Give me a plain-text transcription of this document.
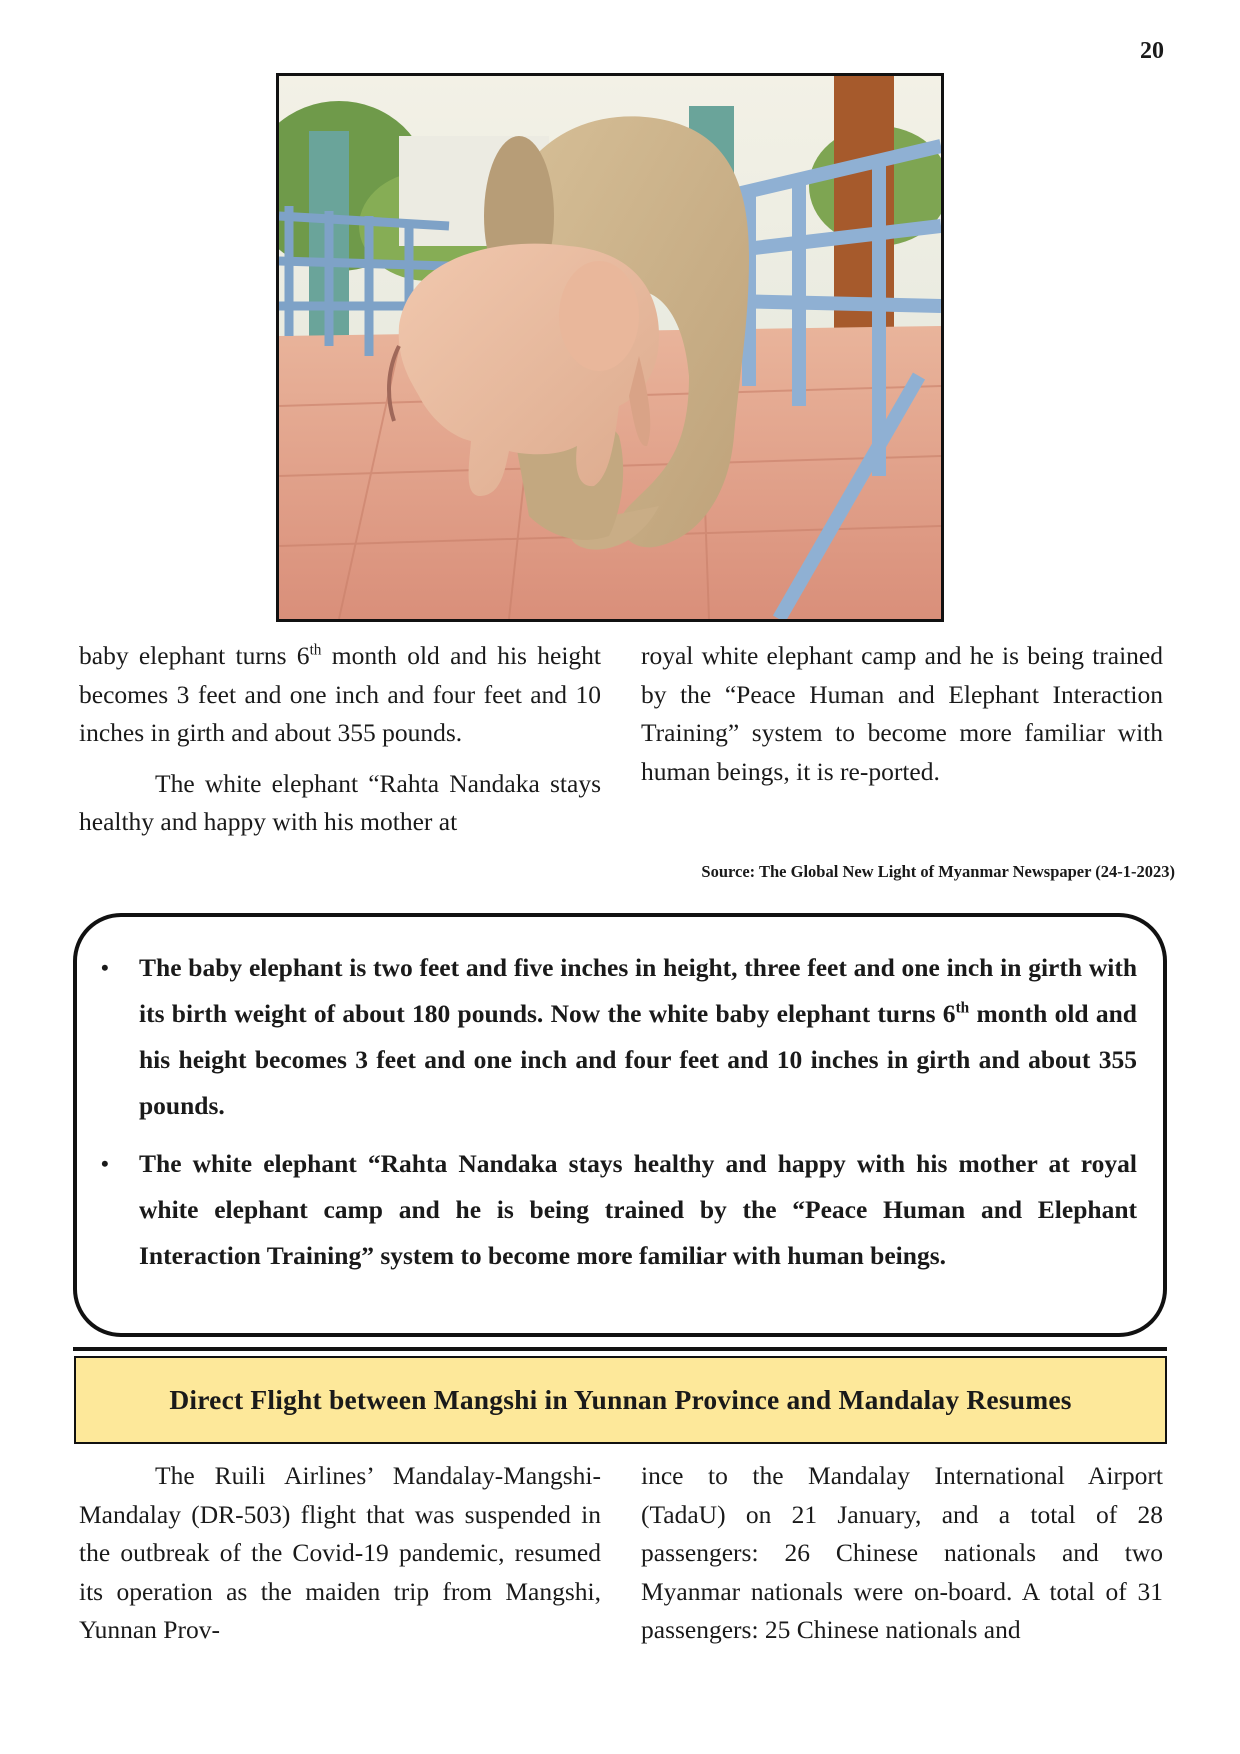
20

baby elephant turns 6th month old and his height becomes 3 feet and one inch and four feet and 10 inches in girth and about 355 pounds.

The white elephant “Rahta Nandaka stays healthy and happy with his mother at

royal white elephant camp and he is being trained by the “Peace Human and Elephant Interaction Training” system to become more familiar with human beings, it is re-ported.

Source: The Global New Light of Myanmar Newspaper (24-1-2023)
• The baby elephant is two feet and five inches in height, three feet and one inch in girth with its birth weight of about 180 pounds. Now the white baby elephant turns 6th month old and his height becomes 3 feet and one inch and four feet and 10 inches in girth and about 355 pounds.
• The white elephant “Rahta Nandaka stays healthy and happy with his mother at royal white elephant camp and he is being trained by the “Peace Human and Elephant Interaction Training” system to become more familiar with human beings.
Direct Flight between Mangshi in Yunnan Province and Mandalay Resumes

The Ruili Airlines’ Mandalay-Mangshi-Mandalay (DR-503) flight that was suspended in the outbreak of the Covid-19 pandemic, resumed its operation as the maiden trip from Mangshi, Yunnan Prov-

ince to the Mandalay International Airport (TadaU) on 21 January, and a total of 28 passengers: 26 Chinese nationals and two Myanmar nationals were on-board. A total of 31 passengers: 25 Chinese nationals and
